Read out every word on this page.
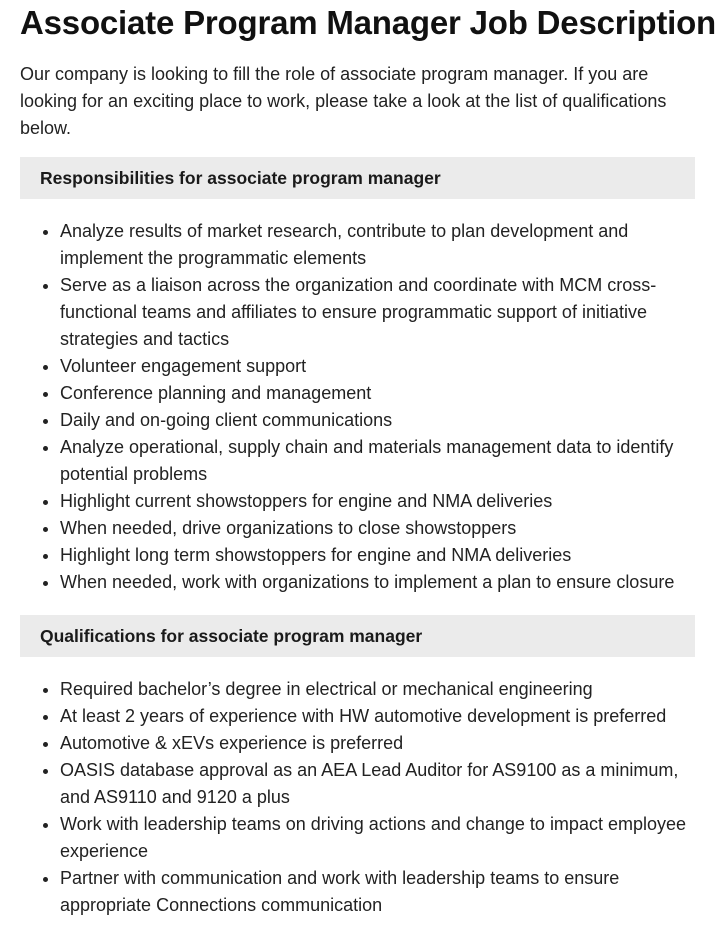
Associate Program Manager Job Description

Our company is looking to fill the role of associate program manager. If you are looking for an exciting place to work, please take a look at the list of qualifications below.

Responsibilities for associate program manager
• Analyze results of market research, contribute to plan development and implement the programmatic elements
• Serve as a liaison across the organization and coordinate with MCM cross-functional teams and affiliates to ensure programmatic support of initiative strategies and tactics
• Volunteer engagement support
• Conference planning and management
• Daily and on-going client communications
• Analyze operational, supply chain and materials management data to identify potential problems
• Highlight current showstoppers for engine and NMA deliveries
• When needed, drive organizations to close showstoppers
• Highlight long term showstoppers for engine and NMA deliveries
• When needed, work with organizations to implement a plan to ensure closure
Qualifications for associate program manager
• Required bachelor’s degree in electrical or mechanical engineering
• At least 2 years of experience with HW automotive development is preferred
• Automotive & xEVs experience is preferred
• OASIS database approval as an AEA Lead Auditor for AS9100 as a minimum, and AS9110 and 9120 a plus
• Work with leadership teams on driving actions and change to impact employee experience
• Partner with communication and work with leadership teams to ensure appropriate Connections communication
